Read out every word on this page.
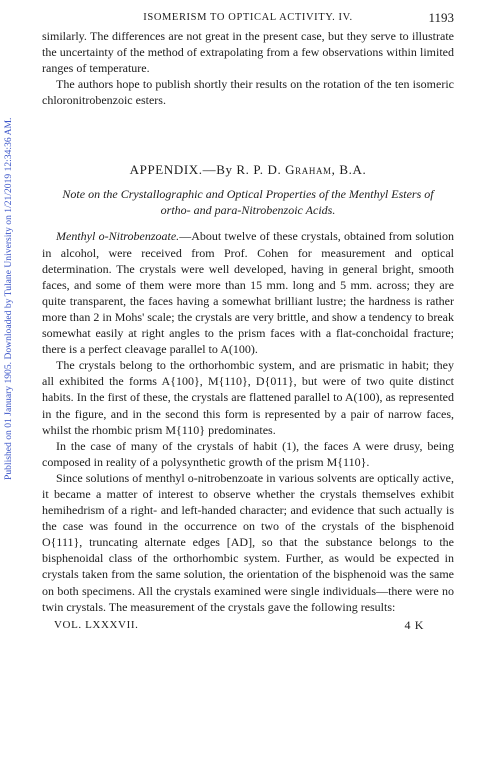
Published on 01 January 1905. Downloaded by Tulane University on 1/21/2019 12:34:36 AM.
ISOMERISM TO OPTICAL ACTIVITY. IV.	1193

similarly. The differences are not great in the present case, but they serve to illustrate the uncertainty of the method of extrapolating from a few observations within limited ranges of temperature.

The authors hope to publish shortly their results on the rotation of the ten isomeric chloronitrobenzoic esters.

APPENDIX.—By R. P. D. Graham, B.A.
Note on the Crystallographic and Optical Properties of the Menthyl Esters of ortho- and para-Nitrobenzoic Acids.

Menthyl o-Nitrobenzoate.—About twelve of these crystals, obtained from solution in alcohol, were received from Prof. Cohen for measurement and optical determination. The crystals were well developed, having in general bright, smooth faces, and some of them were more than 15 mm. long and 5 mm. across; they are quite transparent, the faces having a somewhat brilliant lustre; the hardness is rather more than 2 in Mohs' scale; the crystals are very brittle, and show a tendency to break somewhat easily at right angles to the prism faces with a flat-conchoidal fracture; there is a perfect cleavage parallel to A(100).

The crystals belong to the orthorhombic system, and are prismatic in habit; they all exhibited the forms A{100}, M{110}, D{011}, but were of two quite distinct habits. In the first of these, the crystals are flattened parallel to A(100), as represented in the figure, and in the second this form is represented by a pair of narrow faces, whilst the rhombic prism M{110} predominates.

In the case of many of the crystals of habit (1), the faces A were drusy, being composed in reality of a polysynthetic growth of the prism M{110}.

Since solutions of menthyl o-nitrobenzoate in various solvents are optically active, it became a matter of interest to observe whether the crystals themselves exhibit hemihedrism of a right- and left-handed character; and evidence that such actually is the case was found in the occurrence on two of the crystals of the bisphenoid O{111}, truncating alternate edges [AD], so that the substance belongs to the bisphenoidal class of the orthorhombic system. Further, as would be expected in crystals taken from the same solution, the orientation of the bisphenoid was the same on both specimens. All the crystals examined were single individuals—there were no twin crystals. The measurement of the crystals gave the following results:

VOL. LXXXVII.	4 K
